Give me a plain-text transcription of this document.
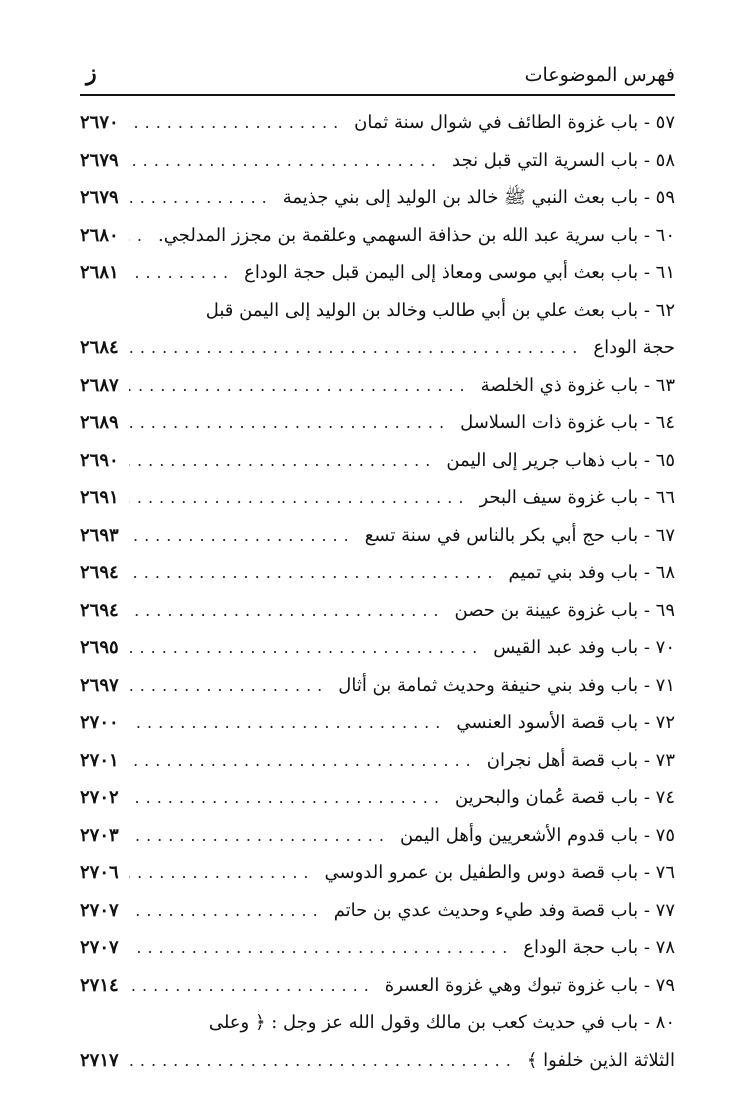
فهرس الموضوعات
ز
٥٧ - باب غزوة الطائف في شوال سنة ثمان
.....
٢٦٧٠
٥٨ - باب السرية التي قبل نجد
.....
٢٦٧٩
٥٩ - باب بعث النبي ﷺ خالد بن الوليد إلى بني جذيمة
.....
٢٦٧٩
٦٠ - باب سرية عبد الله بن حذافة السهمي وعلقمة بن مجزز المدلجي.
.....
٢٦٨٠
٦١ - باب بعث أبي موسى ومعاذ إلى اليمن قبل حجة الوداع
.....
٢٦٨١
٦٢ - باب بعث علي بن أبي طالب وخالد بن الوليد إلى اليمن قبل
حجة الوداع
.....
٢٦٨٤
٦٣ - باب غزوة ذي الخلصة
.....
٢٦٨٧
٦٤ - باب غزوة ذات السلاسل
.....
٢٦٨٩
٦٥ - باب ذهاب جرير إلى اليمن
.....
٢٦٩٠
٦٦ - باب غزوة سيف البحر
.....
٢٦٩١
٦٧ - باب حج أبي بكر بالناس في سنة تسع
.....
٢٦٩٣
٦٨ - باب وفد بني تميم
.....
٢٦٩٤
٦٩ - باب غزوة عيينة بن حصن
.....
٢٦٩٤
٧٠ - باب وفد عبد القيس
.....
٢٦٩٥
٧١ - باب وفد بني حنيفة وحديث ثمامة بن أثال
.....
٢٦٩٧
٧٢ - باب قصة الأسود العنسي
.....
٢٧٠٠
٧٣ - باب قصة أهل نجران
.....
٢٧٠١
٧٤ - باب قصة عُمان والبحرين
.....
٢٧٠٢
٧٥ - باب قدوم الأشعريين وأهل اليمن
.....
٢٧٠٣
٧٦ - باب قصة دوس والطفيل بن عمرو الدوسي
.....
٢٧٠٦
٧٧ - باب قصة وفد طيء وحديث عدي بن حاتم
.....
٢٧٠٧
٧٨ - باب حجة الوداع
.....
٢٧٠٧
٧٩ - باب غزوة تبوك وهي غزوة العسرة
.....
٢٧١٤
٨٠ - باب في حديث كعب بن مالك وقول الله عز وجل : ﴿ وعلى
الثلاثة الذين خلفوا ﴾
.....
٢٧١٧
